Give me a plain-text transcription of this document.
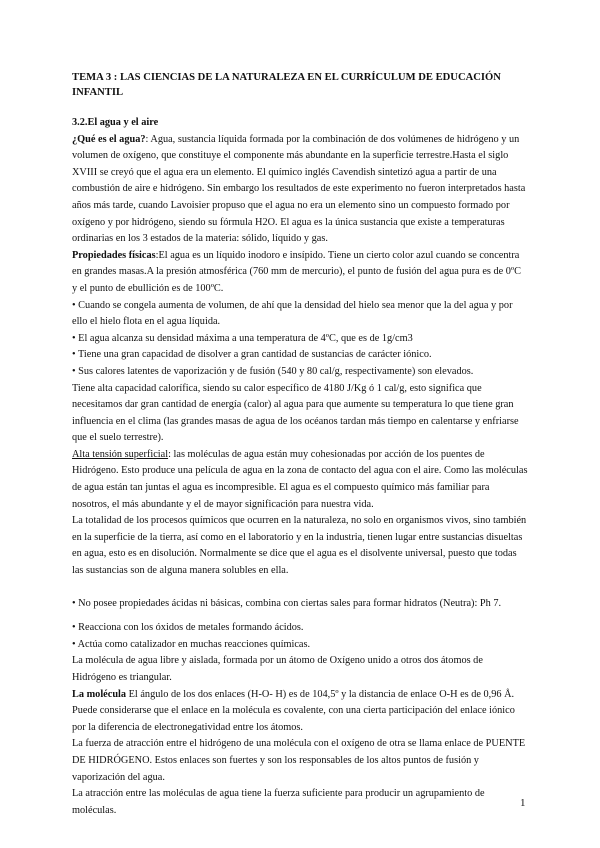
TEMA 3 : LAS CIENCIAS DE LA NATURALEZA EN EL CURRÍCULUM DE EDUCACIÓN INFANTIL

3.2.El agua y el aire

¿Qué es el agua?: Agua, sustancia líquida formada por la combinación de dos volúmenes de hidrógeno y un volumen de oxígeno, que constituye el componente más abundante en la superficie terrestre.Hasta el siglo XVIII se creyó que el agua era un elemento. El químico inglés Cavendish sintetizó agua a partir de una combustión de aire e hidrógeno. Sin embargo los resultados de este experimento no fueron interpretados hasta años más tarde, cuando Lavoisier propuso que el agua no era un elemento sino un compuesto formado por oxígeno y por hidrógeno, siendo su fórmula H2O. El agua es la única sustancia que existe a temperaturas ordinarias en los 3 estados de la materia: sólido, líquido y gas.

Propiedades físicas:El agua es un líquido inodoro e insípido. Tiene un cierto color azul cuando se concentra en grandes masas.A la presión atmosférica (760 mm de mercurio), el punto de fusión del agua pura es de 0ºC y el punto de ebullición es de 100ºC.

• Cuando se congela aumenta de volumen, de ahí que la densidad del hielo sea menor que la del agua y por ello el hielo flota en el agua líquida.

• El agua alcanza su densidad máxima a una temperatura de 4ºC, que es de 1g/cm3

• Tiene una gran capacidad de disolver a gran cantidad de sustancias de carácter iónico.

• Sus calores latentes de vaporización y de fusión (540 y 80 cal/g, respectivamente) son elevados.

Tiene alta capacidad calorífica, siendo su calor específico de 4180 J/Kg ó 1 cal/g, esto significa que necesitamos dar gran cantidad de energía (calor) al agua para que aumente su temperatura lo que tiene gran influencia en el clima (las grandes masas de agua de los océanos tardan más tiempo en calentarse y enfriarse que el suelo terrestre).

Alta tensión superficial: las moléculas de agua están muy cohesionadas por acción de los puentes de Hidrógeno. Esto produce una película de agua en la zona de contacto del agua con el aire. Como las moléculas de agua están tan juntas el agua es incompresible. El agua es el compuesto químico más familiar para nosotros, el más abundante y el de mayor significación para nuestra vida.

La totalidad de los procesos químicos que ocurren en la naturaleza, no solo en organismos vivos, sino también en la superficie de la tierra, así como en el laboratorio y en la industria, tienen lugar entre sustancias disueltas en agua, esto es en disolución. Normalmente se dice que el agua es el disolvente universal, puesto que todas las sustancias son de alguna manera solubles en ella.

• No posee propiedades ácidas ni básicas, combina con ciertas sales para formar hidratos (Neutra): Ph 7.

• Reacciona con los óxidos de metales formando ácidos.

• Actúa como catalizador en muchas reacciones químicas.

La molécula de agua libre y aislada, formada por un átomo de Oxígeno unido a otros dos átomos de Hidrógeno es triangular.

La molécula El ángulo de los dos enlaces (H-O- H) es de 104,5º y la distancia de enlace O-H es de 0,96 Å. Puede considerarse que el enlace en la molécula es covalente, con una cierta participación del enlace iónico por la diferencia de electronegatividad entre los átomos.

La fuerza de atracción entre el hidrógeno de una molécula con el oxígeno de otra se llama enlace de PUENTE DE HIDRÓGENO. Estos enlaces son fuertes y son los responsables de los altos puntos de fusión y vaporización del agua.

La atracción entre las moléculas de agua tiene la fuerza suficiente para producir un agrupamiento de moléculas.

1
